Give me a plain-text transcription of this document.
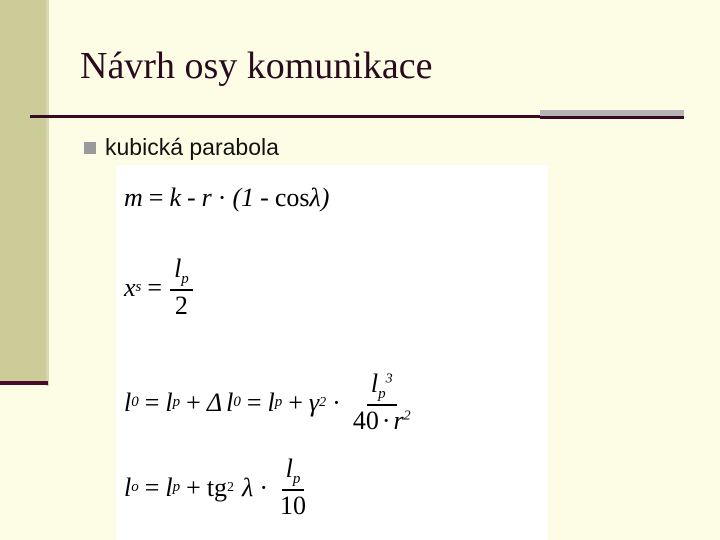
Návrh osy komunikace
kubická parabola
m = k - r · (1 - cos λ )
x $s = \frac{l_p}{2}$
l 0 = l p + Δ l 0 = l p + γ $2 \cdot \frac{l_p^3}{40 \cdot r^2}$
l o = l p + tg 2 $\lambda \cdot \frac{l_p}{10}$
